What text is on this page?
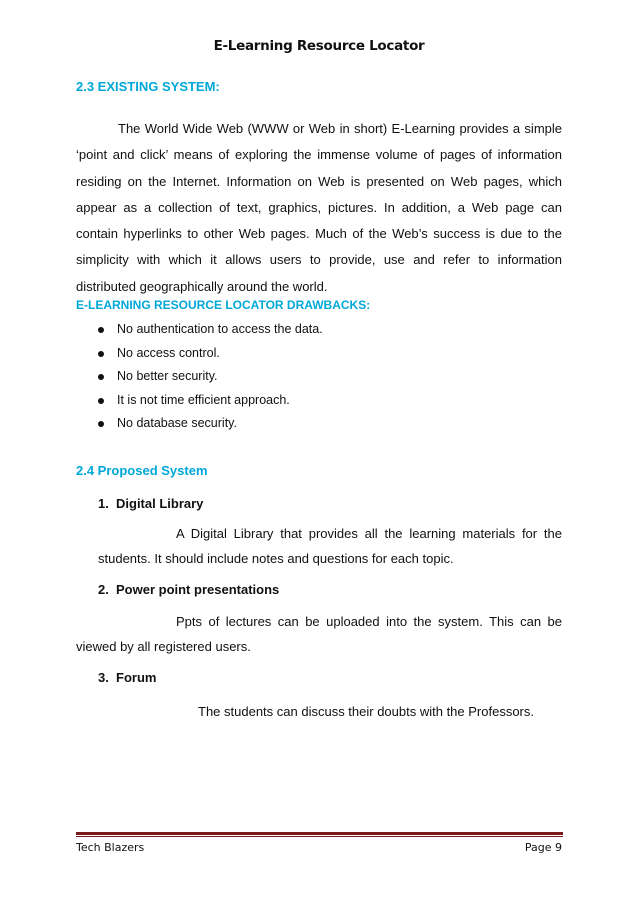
E-Learning Resource Locator
2.3 EXISTING SYSTEM:
The World Wide Web (WWW or Web in short) E-Learning provides a simple ‘point and click’ means of exploring the immense volume of pages of information residing on the Internet. Information on Web is presented on Web pages, which appear as a collection of text, graphics, pictures. In addition, a Web page can contain hyperlinks to other Web pages. Much of the Web’s success is due to the simplicity with which it allows users to provide, use and refer to information distributed geographically around the world.
E-LEARNING RESOURCE LOCATOR DRAWBACKS:
No authentication to access the data.
No access control.
No better security.
It is not time efficient approach.
No database security.
2.4 Proposed System
1. Digital Library
A Digital Library that provides all the learning materials for the students. It should include notes and questions for each topic.
2. Power point presentations
Ppts of lectures can be uploaded into the system. This can be viewed by all registered users.
3. Forum
The students can discuss their doubts with the Professors.
Tech Blazers	Page 9
